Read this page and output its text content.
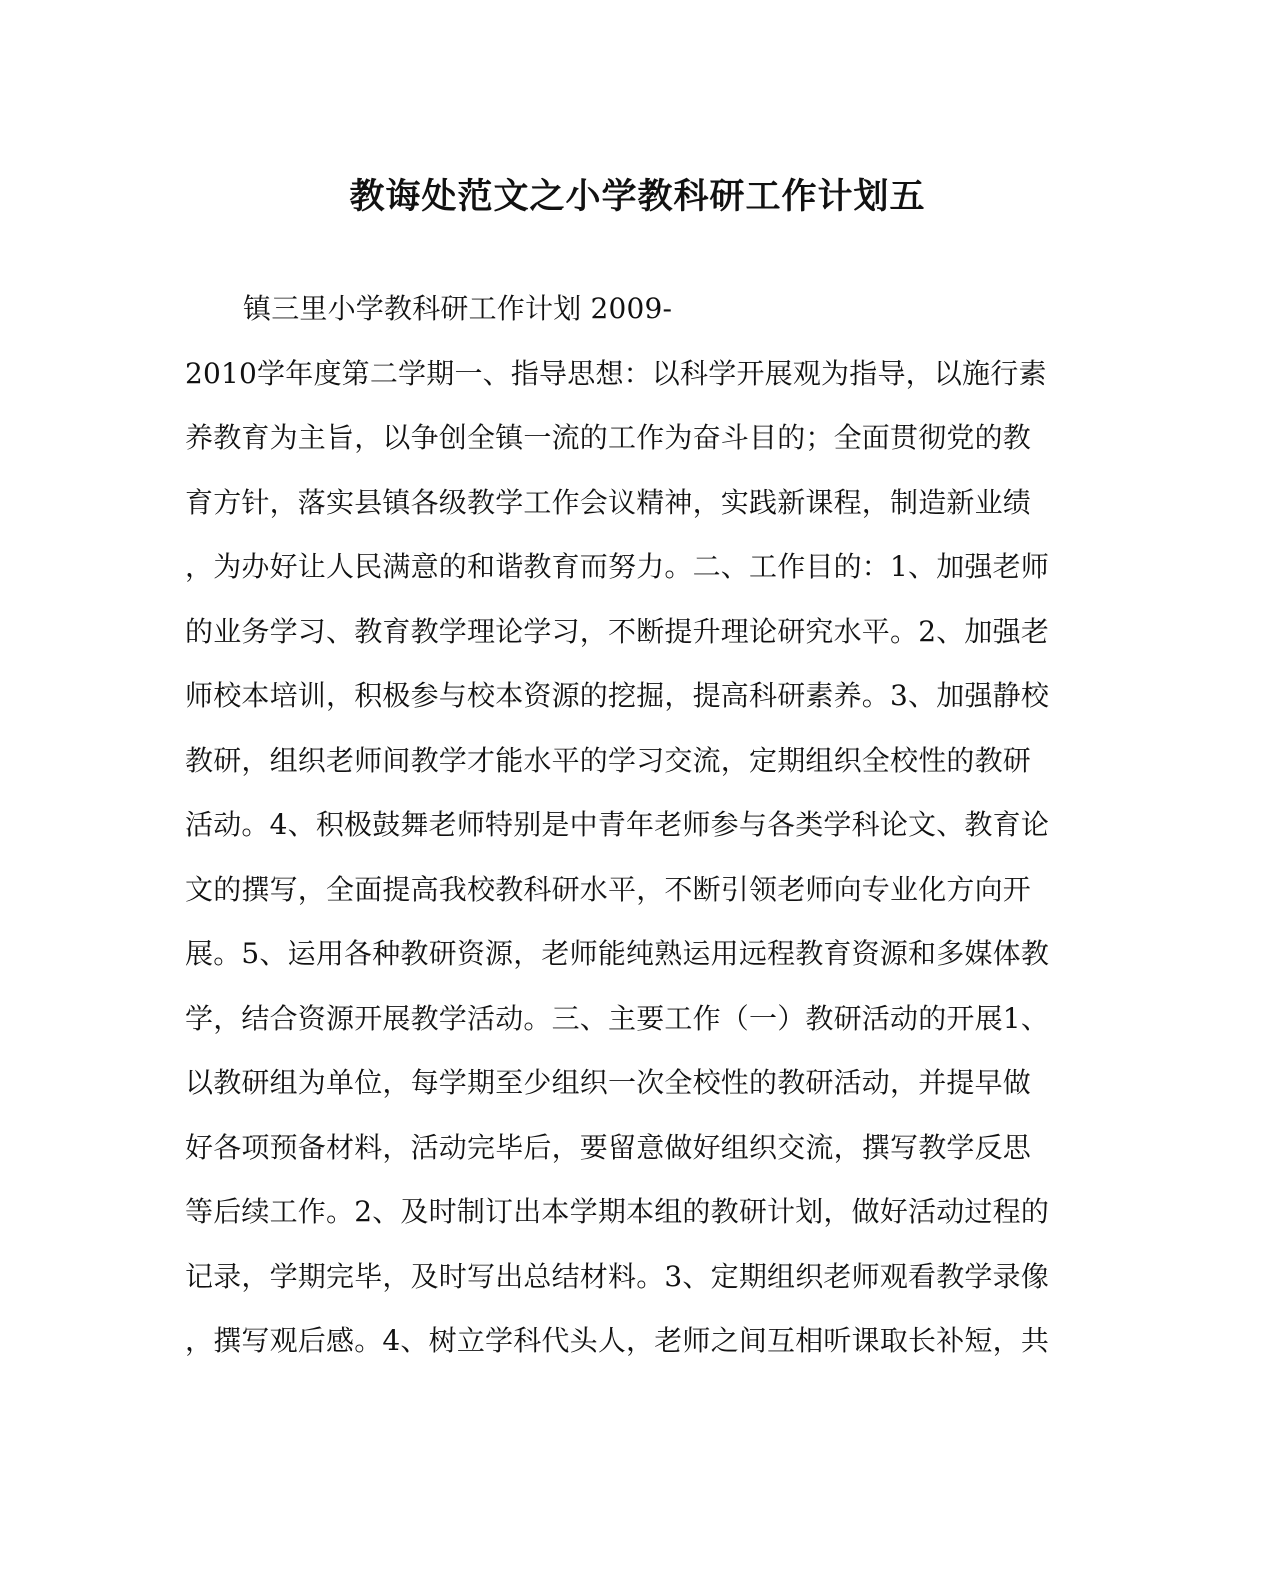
教诲处范文之小学教科研工作计划五
镇三里小学教科研工作计划 2009-
2010学年度第二学期一、指导思想：以科学开展观为指导，以施行素
养教育为主旨，以争创全镇一流的工作为奋斗目的；全面贯彻党的教
育方针，落实县镇各级教学工作会议精神，实践新课程，制造新业绩
，为办好让人民满意的和谐教育而努力。二、工作目的：1、加强老师
的业务学习、教育教学理论学习，不断提升理论研究水平。2、加强老
师校本培训，积极参与校本资源的挖掘，提高科研素养。3、加强静校
教研，组织老师间教学才能水平的学习交流，定期组织全校性的教研
活动。4、积极鼓舞老师特别是中青年老师参与各类学科论文、教育论
文的撰写，全面提高我校教科研水平，不断引领老师向专业化方向开
展。5、运用各种教研资源，老师能纯熟运用远程教育资源和多媒体教
学，结合资源开展教学活动。三、主要工作（一）教研活动的开展1、
以教研组为单位，每学期至少组织一次全校性的教研活动，并提早做
好各项预备材料，活动完毕后，要留意做好组织交流，撰写教学反思
等后续工作。2、及时制订出本学期本组的教研计划，做好活动过程的
记录，学期完毕，及时写出总结材料。3、定期组织老师观看教学录像
，撰写观后感。4、树立学科代头人，老师之间互相听课取长补短，共
